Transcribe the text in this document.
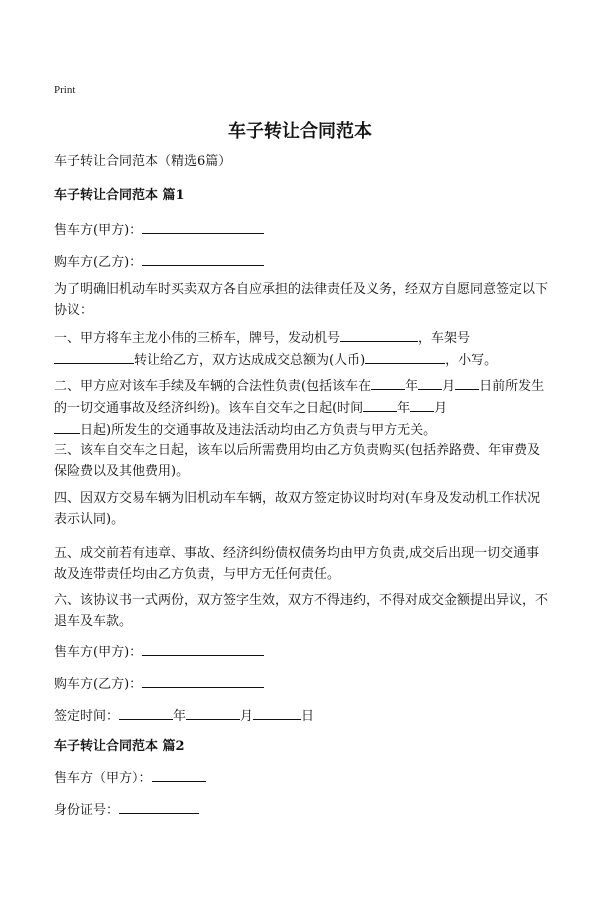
Print
车子转让合同范本
车子转让合同范本（精选6篇）
车子转让合同范本 篇1
售车方(甲方)：
购车方(乙方)：
为了明确旧机动车时买卖双方各自应承担的法律责任及义务，经双方自愿同意签定以下协议：
一、甲方将车主龙小伟的三桥车，牌号，发动机号	，车架号
转让给乙方，双方达成成交总额为(人币)	，小写。
二、甲方应对该车手续及车辆的合法性负责(包括该车在	年 月 日前所发生的一切交通事故及经济纠纷)。该车自交车之日起(时间	年 月
日起)所发生的交通事故及违法活动均由乙方负责与甲方无关。
三、该车自交车之日起，该车以后所需费用均由乙方负责购买(包括养路费、年审费及保险费以及其他费用)。
四、因双方交易车辆为旧机动车车辆，故双方签定协议时均对(车身及发动机工作状况表示认同)。
五、成交前若有违章、事故、经济纠纷债权债务均由甲方负责,成交后出现一切交通事故及连带责任均由乙方负责，与甲方无任何责任。
六、该协议书一式两份，双方签字生效，双方不得违约，不得对成交金额提出异议，不退车及车款。
售车方(甲方)：
购车方(乙方)：
签定时间：	年	月	日
车子转让合同范本 篇2
售车方（甲方）：
身份证号：
